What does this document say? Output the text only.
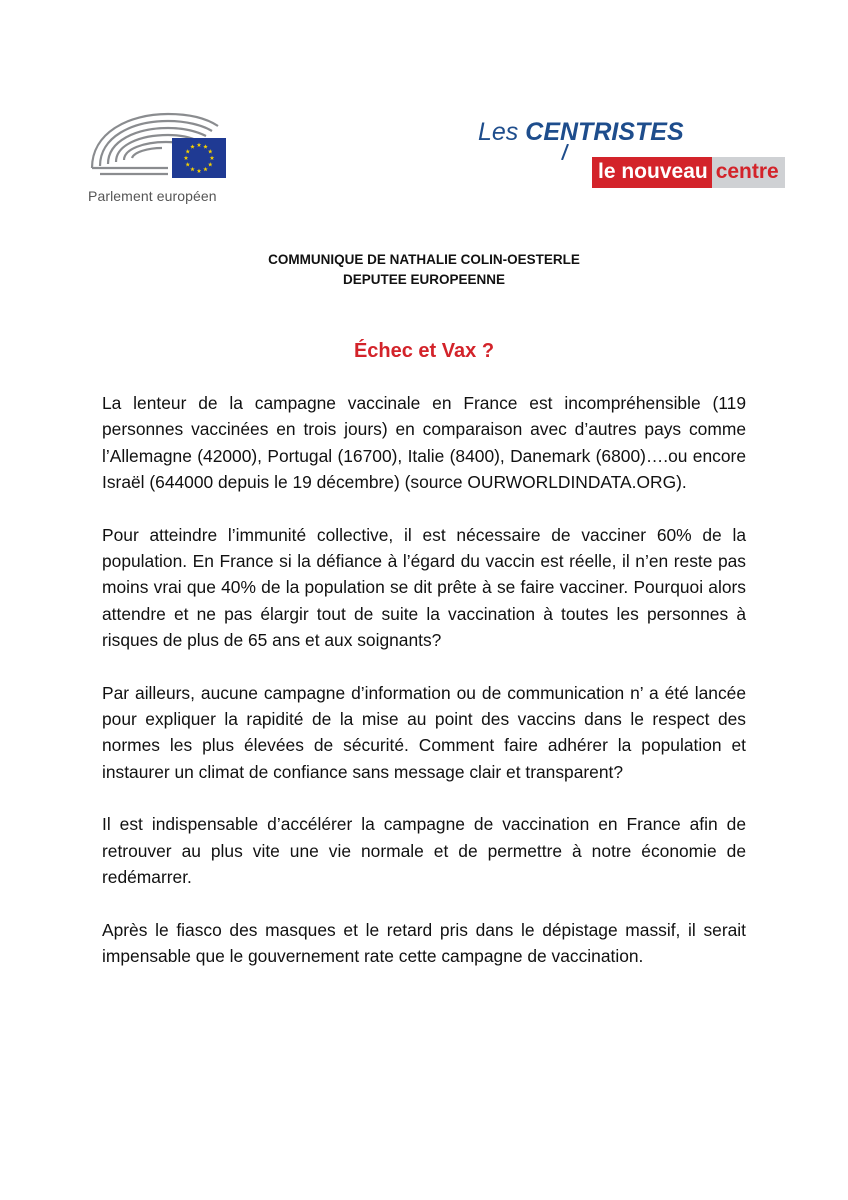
Parlement européen
Les CENTRISTES
le nouveau centre
COMMUNIQUE DE NATHALIE COLIN-OESTERLE
DEPUTEE EUROPEENNE
Échec et Vax ?

La lenteur de la campagne vaccinale en France est incompréhensible (119 personnes vaccinées en trois jours) en comparaison avec d’autres pays comme l’Allemagne (42000), Portugal (16700), Italie (8400), Danemark (6800)….ou encore Israël (644000 depuis le 19 décembre) (source OURWORLDINDATA.ORG).

Pour atteindre l’immunité collective, il est nécessaire de vacciner 60% de la population. En France si la défiance à l’égard du vaccin est réelle, il n’en reste pas moins vrai que 40% de la population se dit prête à se faire vacciner. Pourquoi alors attendre et ne pas élargir tout de suite la vaccination à toutes les personnes à risques de plus de 65 ans et aux soignants?

Par ailleurs, aucune campagne d’information ou de communication n’ a été lancée pour expliquer la rapidité de la mise au point des vaccins dans le respect des normes les plus élevées de sécurité. Comment faire adhérer la population et instaurer un climat de confiance sans message clair et transparent?

Il est indispensable d’accélérer la campagne de vaccination en France afin de retrouver au plus vite une vie normale et de permettre à notre économie de redémarrer.

Après le fiasco des masques et le retard pris dans le dépistage massif, il serait impensable que le gouvernement rate cette campagne de vaccination.
